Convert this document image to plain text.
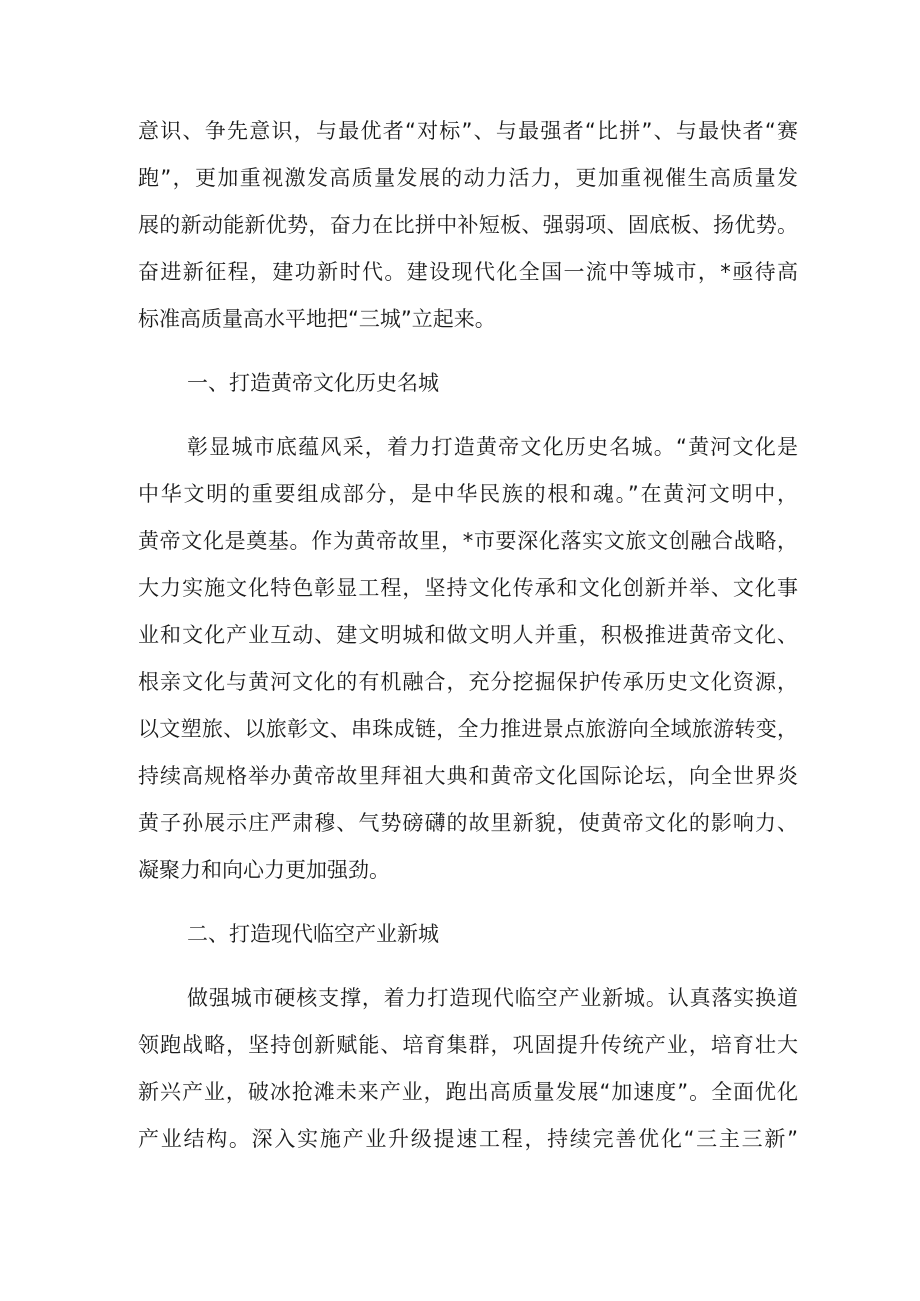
意识、争先意识，与最优者“对标”、与最强者“比拼”、与最快者“赛
跑”，更加重视激发高质量发展的动力活力，更加重视催生高质量发
展的新动能新优势，奋力在比拼中补短板、强弱项、固底板、扬优势。
奋进新征程，建功新时代。建设现代化全国一流中等城市，*亟待高
标准高质量高水平地把“三城”立起来。
一、打造黄帝文化历史名城
彰显城市底蕴风采，着力打造黄帝文化历史名城。“黄河文化是
中华文明的重要组成部分，是中华民族的根和魂。”在黄河文明中，
黄帝文化是奠基。作为黄帝故里，*市要深化落实文旅文创融合战略，
大力实施文化特色彰显工程，坚持文化传承和文化创新并举、文化事
业和文化产业互动、建文明城和做文明人并重，积极推进黄帝文化、
根亲文化与黄河文化的有机融合，充分挖掘保护传承历史文化资源，
以文塑旅、以旅彰文、串珠成链，全力推进景点旅游向全域旅游转变，
持续高规格举办黄帝故里拜祖大典和黄帝文化国际论坛，向全世界炎
黄子孙展示庄严肃穆、气势磅礴的故里新貌，使黄帝文化的影响力、
凝聚力和向心力更加强劲。
二、打造现代临空产业新城
做强城市硬核支撑，着力打造现代临空产业新城。认真落实换道
领跑战略，坚持创新赋能、培育集群，巩固提升传统产业，培育壮大
新兴产业，破冰抢滩未来产业，跑出高质量发展“加速度”。全面优化
产业结构。深入实施产业升级提速工程，持续完善优化“三主三新”
